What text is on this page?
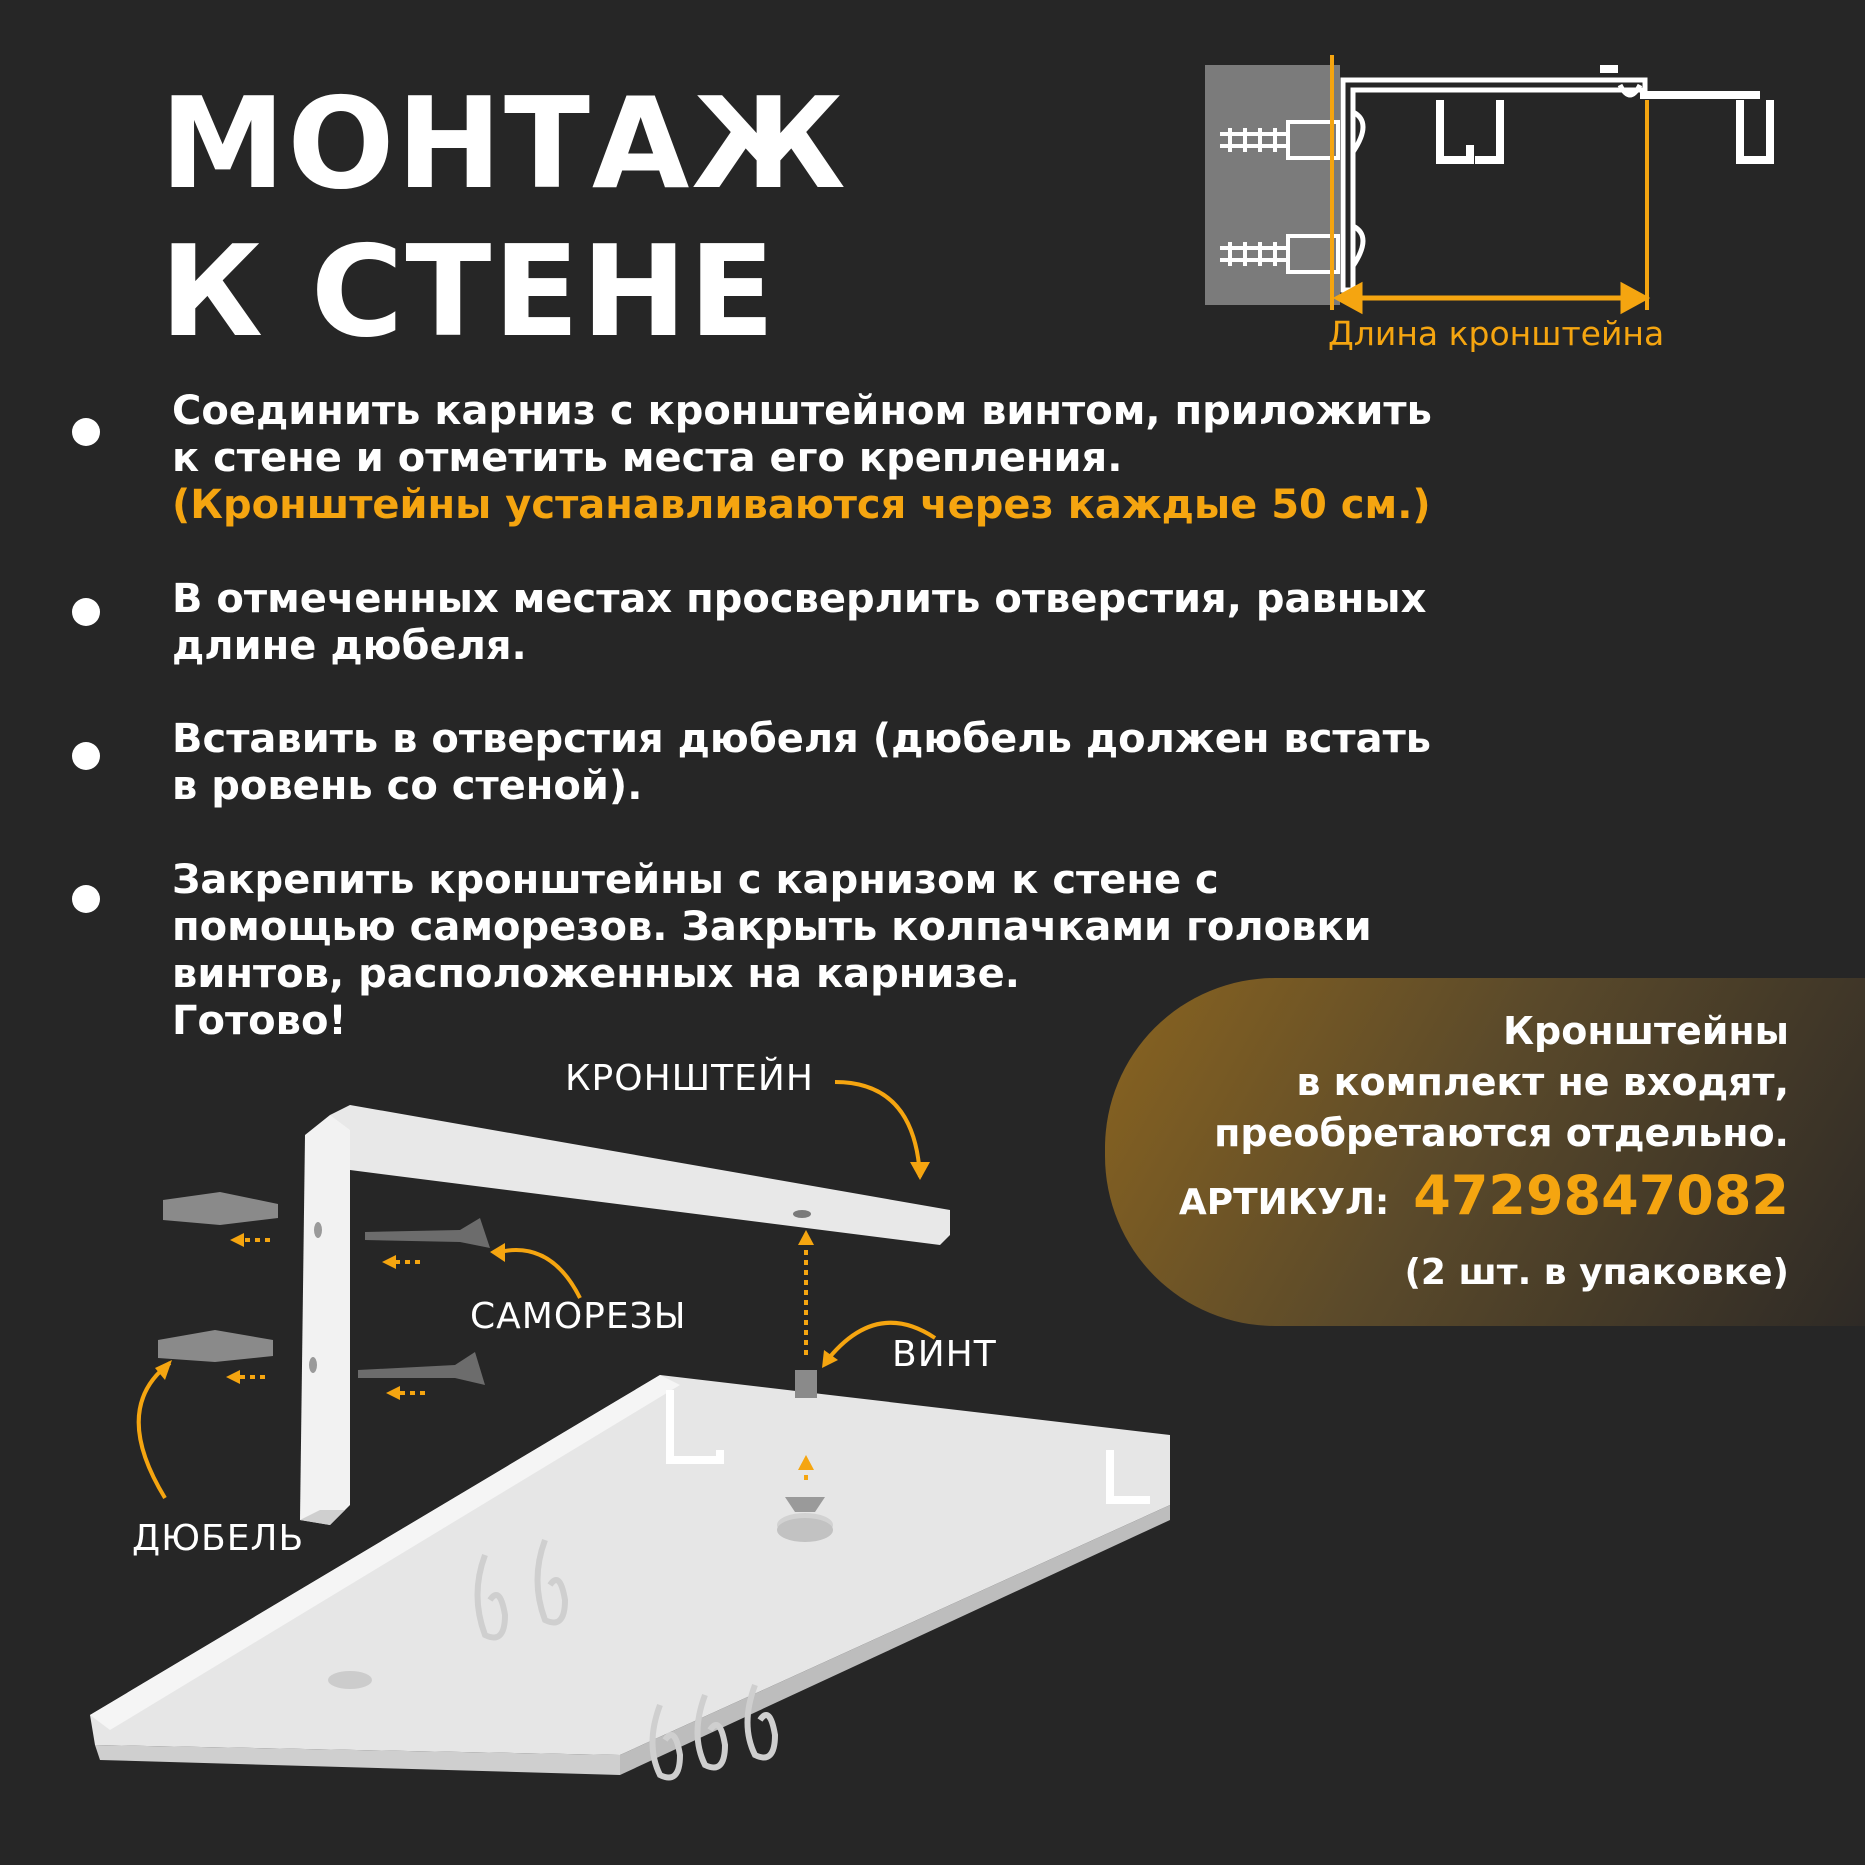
МОНТАЖ
К СТЕНЕ	Длина кронштейна

Соединить карниз с кронштейном винтом, приложить к стене и отметить места его крепления.

(Кронштейны устанавливаются через каждые 50 см.)

В отмеченных местах просверлить отверстия, равных длине дюбеля.

Вставить в отверстия дюбеля (дюбель должен встать в ровень со стеной).

Закрепить кронштейны с карнизом к стене с помощью саморезов. Закрыть колпачками головки винтов, расположенных на карнизе.

Готово!	Кронштейны
в комплект не входят,
преобретаются отдельно.
АРТИКУЛ: 4729847082
(2 шт. в упаковке)
КРОНШТЕЙН
САМОРЕЗЫ
ВИНТ
ДЮБЕЛЬ
